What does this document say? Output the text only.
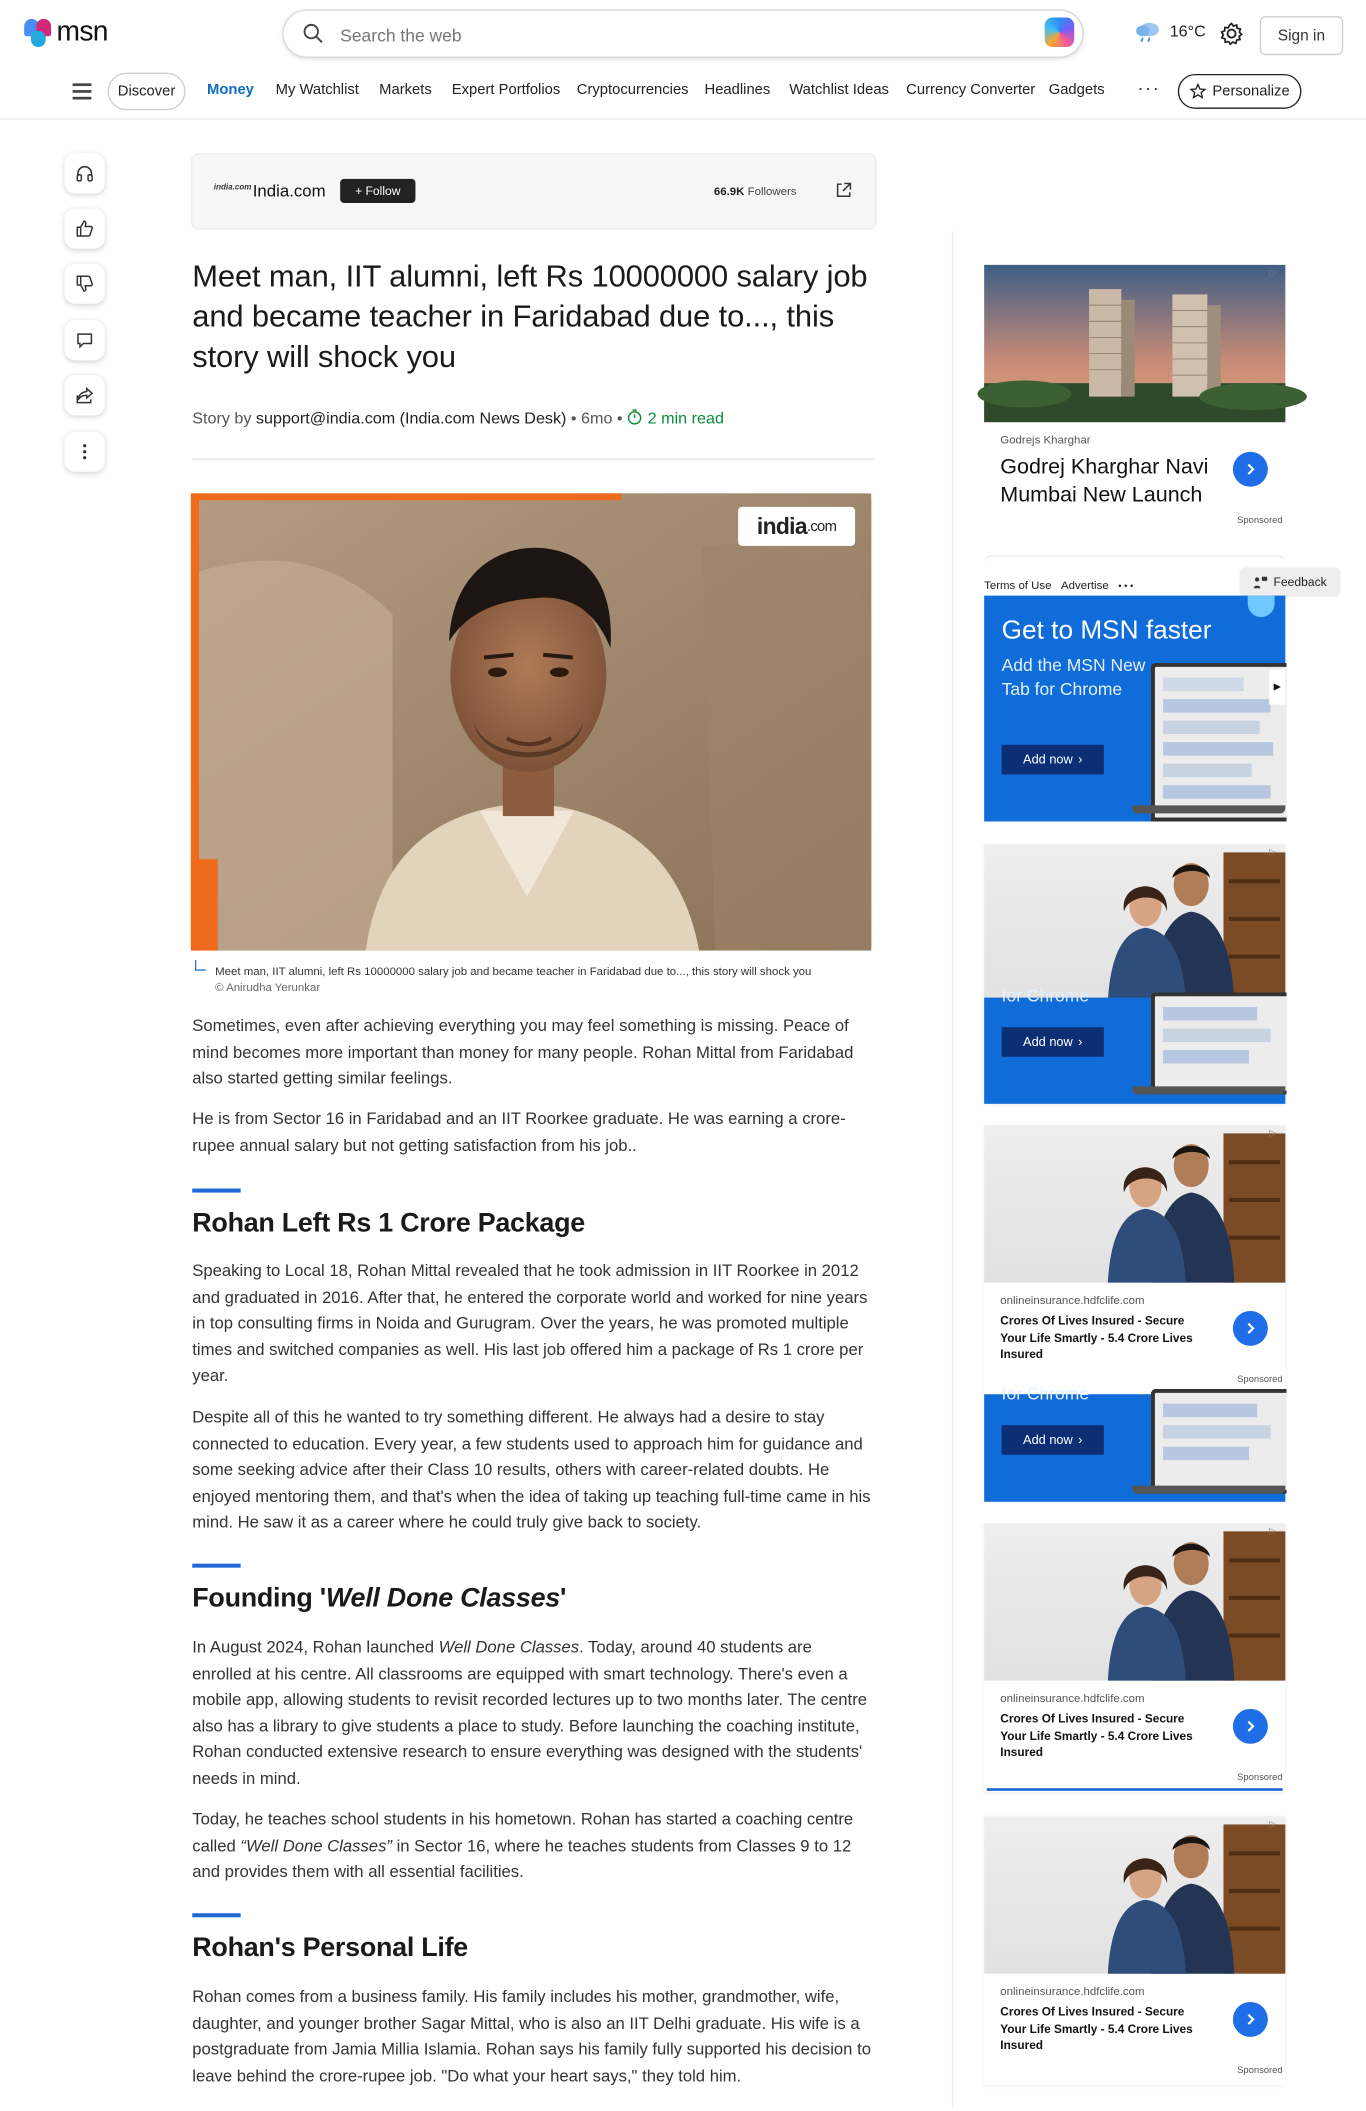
msn
Search the web	16°C	Sign in
Discover	Money My Watchlist Markets Expert Portfolios Cryptocurrencies Headlines Watchlist Ideas Currency Converter Gadgets ···	Personalize
india.com India.com	+ Follow	66.9K Followers
Meet man, IIT alumni, left Rs 10000000 salary job and became teacher in Faridabad due to..., this story will shock you
Story by support@india.com (India.com News Desk) • 6mo •  2 min read
india .com
Meet man, IIT alumni, left Rs 10000000 salary job and became teacher in Faridabad due to..., this story will shock you
© Anirudha Yerunkar
Sometimes, even after achieving everything you may feel something is missing. Peace of mind becomes more important than money for many people. Rohan Mittal from Faridabad also started getting similar feelings.
He is from Sector 16 in Faridabad and an IIT Roorkee graduate. He was earning a crore-rupee annual salary but not getting satisfaction from his job..
Rohan Left Rs 1 Crore Package
Speaking to Local 18, Rohan Mittal revealed that he took admission in IIT Roorkee in 2012 and graduated in 2016. After that, he entered the corporate world and worked for nine years in top consulting firms in Noida and Gurugram. Over the years, he was promoted multiple times and switched companies as well. His last job offered him a package of Rs 1 crore per year.
Despite all of this he wanted to try something different. He always had a desire to stay connected to education. Every year, a few students used to approach him for guidance and some seeking advice after their Class 10 results, others with career-related doubts. He enjoyed mentoring them, and that's when the idea of taking up teaching full-time came in his mind. He saw it as a career where he could truly give back to society.
Founding 'Well Done Classes'
In August 2024, Rohan launched Well Done Classes. Today, around 40 students are enrolled at his centre. All classrooms are equipped with smart technology. There's even a mobile app, allowing students to revisit recorded lectures up to two months later. The centre also has a library to give students a place to study. Before launching the coaching institute, Rohan conducted extensive research to ensure everything was designed with the students' needs in mind.
Today, he teaches school students in his hometown. Rohan has started a coaching centre called “Well Done Classes” in Sector 16, where he teaches students from Classes 9 to 12 and provides them with all essential facilities.
Rohan's Personal Life
Rohan comes from a business family. His family includes his mother, grandmother, wife, daughter, and younger brother Sagar Mittal, who is also an IIT Delhi graduate. His wife is a postgraduate from Jamia Millia Islamia. Rohan says his family fully supported his decision to leave behind the crore-rupee job. "Do what your heart says," they told him.
▷
Godrejs Kharghar
Godrej Kharghar Navi Mumbai New Launch
Sponsored
Terms of Use Advertise • • •	Feedback
Get to MSN faster
Add the MSN New Tab for Chrome
Add now ›
▶
for Chrome
Add now ›
▷
▷
onlineinsurance.hdfclife.com
Crores Of Lives Insured - Secure Your Life Smartly - 5.4 Crore Lives Insured
Sponsored
for Chrome
Add now ›
▷
onlineinsurance.hdfclife.com
Crores Of Lives Insured - Secure Your Life Smartly - 5.4 Crore Lives Insured
Sponsored
▷
onlineinsurance.hdfclife.com
Crores Of Lives Insured - Secure Your Life Smartly - 5.4 Crore Lives Insured
Sponsored
